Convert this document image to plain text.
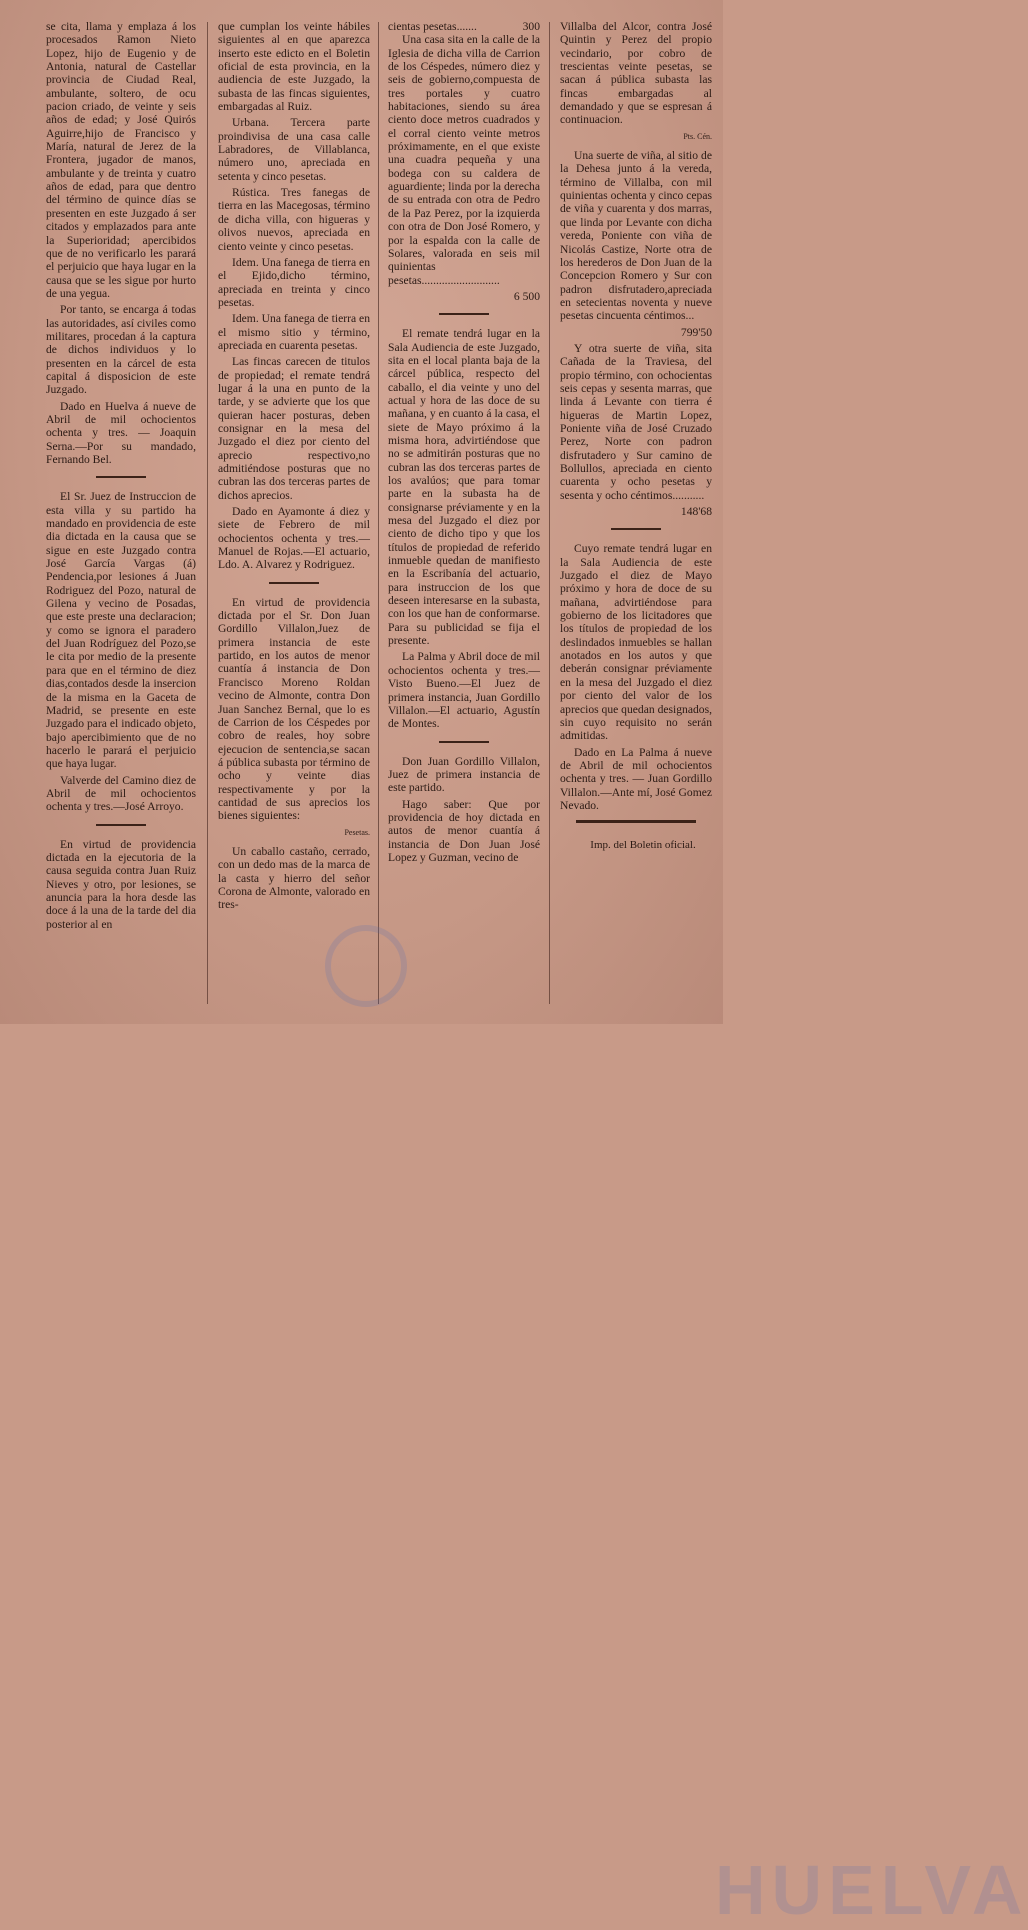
se cita, llama y emplaza á los procesados Ramon Nieto Lopez, hijo de Eugenio y de Antonia, natural de Castellar provincia de Ciudad Real, ambulante, soltero, de ocu pacion criado, de veinte y seis años de edad; y José Quirós Aguirre,hijo de Francisco y María, natural de Jerez de la Frontera, jugador de manos, ambulante y de treinta y cuatro años de edad, para que dentro del término de quince días se presenten en este Juzgado á ser citados y emplazados para ante la Superioridad; apercibidos que de no verificarlo les parará el perjuicio que haya lugar en la causa que se les sigue por hurto de una yegua.

Por tanto, se encarga á todas las autoridades, así civiles como militares, procedan á la captura de dichos individuos y lo presenten en la cárcel de esta capital á disposicion de este Juzgado.

Dado en Huelva á nueve de Abril de mil ochocientos ochenta y tres. — Joaquin Serna.—Por su mandado, Fernando Bel.

El Sr. Juez de Instruccion de esta villa y su partido ha mandado en providencia de este dia dictada en la causa que se sigue en este Juzgado contra José García Vargas (á) Pendencia,por lesiones á Juan Rodriguez del Pozo, natural de Gilena y vecino de Posadas, que este preste una declaracion; y como se ignora el paradero del Juan Rodríguez del Pozo,se le cita por medio de la presente para que en el término de diez dias,contados desde la insercion de la misma en la Gaceta de Madrid, se presente en este Juzgado para el indicado objeto, bajo apercibimiento que de no hacerlo le parará el perjuicio que haya lugar.

Valverde del Camino diez de Abril de mil ochocientos ochenta y tres.—José Arroyo.

En virtud de providencia dictada en la ejecutoria de la causa seguida contra Juan Ruiz Nieves y otro, por lesiones, se anuncia para la hora desde las doce á la una de la tarde del dia posterior al en

que cumplan los veinte hábiles siguientes al en que aparezca inserto este edicto en el Boletin oficial de esta provincia, en la audiencia de este Juzgado, la subasta de las fincas siguientes, embargadas al Ruiz.

Urbana. Tercera parte proindivisa de una casa calle Labradores, de Villablanca, número uno, apreciada en setenta y cinco pesetas.

Rústica. Tres fanegas de tierra en las Macegosas, término de dicha villa, con higueras y olivos nuevos, apreciada en ciento veinte y cinco pesetas.

Idem. Una fanega de tierra en el Ejido,dicho término, apreciada en treinta y cinco pesetas.

Idem. Una fanega de tierra en el mismo sitio y término, apreciada en cuarenta pesetas.

Las fincas carecen de titulos de propiedad; el remate tendrá lugar á la una en punto de la tarde, y se advierte que los que quieran hacer posturas, deben consignar en la mesa del Juzgado el diez por ciento del aprecio respectivo,no admitiéndose posturas que no cubran las dos terceras partes de dichos aprecios.

Dado en Ayamonte á diez y siete de Febrero de mil ochocientos ochenta y tres.—Manuel de Rojas.—El actuario, Ldo. A. Alvarez y Rodriguez.

En virtud de providencia dictada por el Sr. Don Juan Gordillo Villalon,Juez de primera instancia de este partido, en los autos de menor cuantía á instancia de Don Francisco Moreno Roldan vecino de Almonte, contra Don Juan Sanchez Bernal, que lo es de Carrion de los Céspedes por cobro de reales, hoy sobre ejecucion de sentencia,se sacan á pública subasta por término de ocho y veinte dias respectivamente y por la cantidad de sus aprecios los bienes siguientes:

Pesetas.

Un caballo castaño, cerrado, con un dedo mas de la marca de la casta y hierro del señor Corona de Almonte, valorado en tres-

cientas pesetas.......	300

Una casa sita en la calle de la Iglesia de dicha villa de Carrion de los Céspedes, número diez y seis de gobierno,compuesta de tres portales y cuatro habitaciones, siendo su área ciento doce metros cuadrados y el corral ciento veinte metros próximamente, en el que existe una cuadra pequeña y una bodega con su caldera de aguardiente; linda por la derecha de su entrada con otra de Pedro de la Paz Perez, por la izquierda con otra de Don José Romero, y por la espalda con la calle de Solares, valorada en seis mil quinientas pesetas...........................

6 500

El remate tendrá lugar en la Sala Audiencia de este Juzgado, sita en el local planta baja de la cárcel pública, respecto del caballo, el dia veinte y uno del actual y hora de las doce de su mañana, y en cuanto á la casa, el siete de Mayo próximo á la misma hora, advirtiéndose que no se admitirán posturas que no cubran las dos terceras partes de los avalúos; que para tomar parte en la subasta ha de consignarse préviamente y en la mesa del Juzgado el diez por ciento de dicho tipo y que los títulos de propiedad de referido inmueble quedan de manifiesto en la Escribanía del actuario, para instruccion de los que deseen interesarse en la subasta, con los que han de conformarse. Para su publicidad se fija el presente.

La Palma y Abril doce de mil ochocientos ochenta y tres.—Visto Bueno.—El Juez de primera instancia, Juan Gordillo Villalon.—El actuario, Agustín de Montes.

Don Juan Gordillo Villalon, Juez de primera instancia de este partido.

Hago saber: Que por providencia de hoy dictada en autos de menor cuantía á instancia de Don Juan José Lopez y Guzman, vecino de

Villalba del Alcor, contra José Quintin y Perez del propio vecindario, por cobro de trescientas veinte pesetas, se sacan á pública subasta las fincas embargadas al demandado y que se espresan á continuacion.

Pts. Cén.

Una suerte de viña, al sitio de la Dehesa junto á la vereda, término de Villalba, con mil quinientas ochenta y cinco cepas de viña y cuarenta y dos marras, que linda por Levante con dicha vereda, Poniente con viña de Nicolás Castize, Norte otra de los herederos de Don Juan de la Concepcion Romero y Sur con padron disfrutadero,apreciada en setecientas noventa y nueve pesetas cincuenta céntimos...

799'50

Y otra suerte de viña, sita Cañada de la Traviesa, del propio término, con ochocientas seis cepas y sesenta marras, que linda á Levante con tierra é higueras de Martin Lopez, Poniente viña de José Cruzado Perez, Norte con padron disfrutadero y Sur camino de Bollullos, apreciada en ciento cuarenta y ocho pesetas y sesenta y ocho céntimos...........

148'68

Cuyo remate tendrá lugar en la Sala Audiencia de este Juzgado el diez de Mayo próximo y hora de doce de su mañana, advirtiéndose para gobierno de los licitadores que los títulos de propiedad de los deslindados inmuebles se hallan anotados en los autos y que deberán consignar préviamente en la mesa del Juzgado el diez por ciento del valor de los aprecios que quedan designados, sin cuyo requisito no serán admitidas.

Dado en La Palma á nueve de Abril de mil ochocientos ochenta y tres. — Juan Gordillo Villalon.—Ante mí, José Gomez Nevado.

Imp. del Boletin oficial.

HUELVA
